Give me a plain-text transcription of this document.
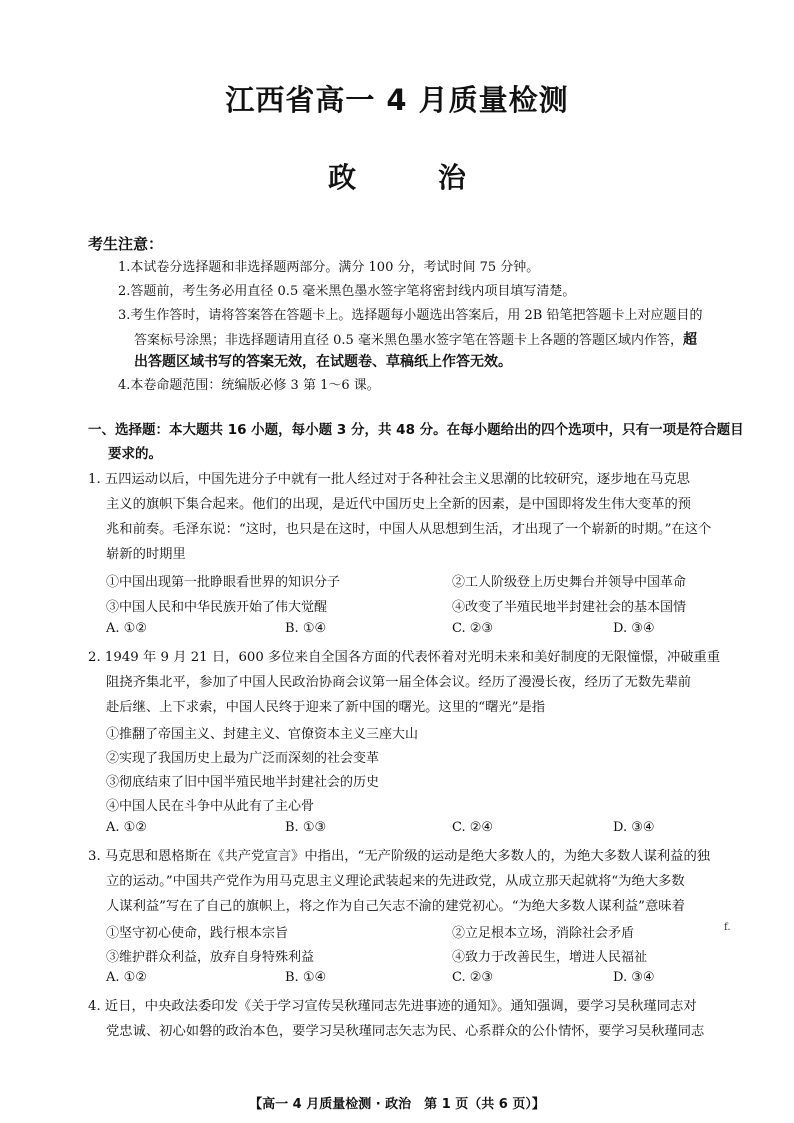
江西省高一 4 月质量检测
政 治
考生注意：
1.本试卷分选择题和非选择题两部分。满分 100 分，考试时间 75 分钟。
2.答题前，考生务必用直径 0.5 毫米黑色墨水签字笔将密封线内项目填写清楚。
3.考生作答时，请将答案答在答题卡上。选择题每小题选出答案后，用 2B 铅笔把答题卡上对应题目的
答案标号涂黑；非选择题请用直径 0.5 毫米黑色墨水签字笔在答题卡上各题的答题区域内作答，超
出答题区域书写的答案无效，在试题卷、草稿纸上作答无效。
4.本卷命题范围：统编版必修 3 第 1～6 课。
一、选择题：本大题共 16 小题，每小题 3 分，共 48 分。在每小题给出的四个选项中，只有一项是符合题目
要求的。
1. 五四运动以后，中国先进分子中就有一批人经过对于各种社会主义思潮的比较研究，逐步地在马克思
主义的旗帜下集合起来。他们的出现，是近代中国历史上全新的因素，是中国即将发生伟大变革的预
兆和前奏。毛泽东说：“这时，也只是在这时，中国人从思想到生活，才出现了一个崭新的时期。”在这个
崭新的时期里
①中国出现第一批睁眼看世界的知识分子	②工人阶级登上历史舞台并领导中国革命
③中国人民和中华民族开始了伟大觉醒	④改变了半殖民地半封建社会的基本国情
A. ①②	B. ①④	C. ②③	D. ③④
2. 1949 年 9 月 21 日，600 多位来自全国各方面的代表怀着对光明未来和美好制度的无限憧憬，冲破重重
阻挠齐集北平，参加了中国人民政治协商会议第一届全体会议。经历了漫漫长夜，经历了无数先辈前
赴后继、上下求索，中国人民终于迎来了新中国的曙光。这里的“曙光”是指
①推翻了帝国主义、封建主义、官僚资本主义三座大山
②实现了我国历史上最为广泛而深刻的社会变革
③彻底结束了旧中国半殖民地半封建社会的历史
④中国人民在斗争中从此有了主心骨
A. ①②	B. ①③	C. ②④	D. ③④
3. 马克思和恩格斯在《共产党宣言》中指出，“无产阶级的运动是绝大多数人的，为绝大多数人谋利益的独
立的运动。”中国共产党作为用马克思主义理论武装起来的先进政党，从成立那天起就将“为绝大多数
人谋利益”写在了自己的旗帜上，将之作为自己矢志不渝的建党初心。“为绝大多数人谋利益”意味着
①坚守初心使命，践行根本宗旨	②立足根本立场，消除社会矛盾
③维护群众利益，放弃自身特殊利益	④致力于改善民生，增进人民福祉
A. ①②	B. ①④	C. ②③	D. ③④
4. 近日，中央政法委印发《关于学习宣传吴秋瑾同志先进事迹的通知》。通知强调，要学习吴秋瑾同志对
党忠诚、初心如磐的政治本色，要学习吴秋瑾同志矢志为民、心系群众的公仆情怀，要学习吴秋瑾同志
f.
【高一 4 月质量检测 · 政治　第 1 页（共 6 页）】
